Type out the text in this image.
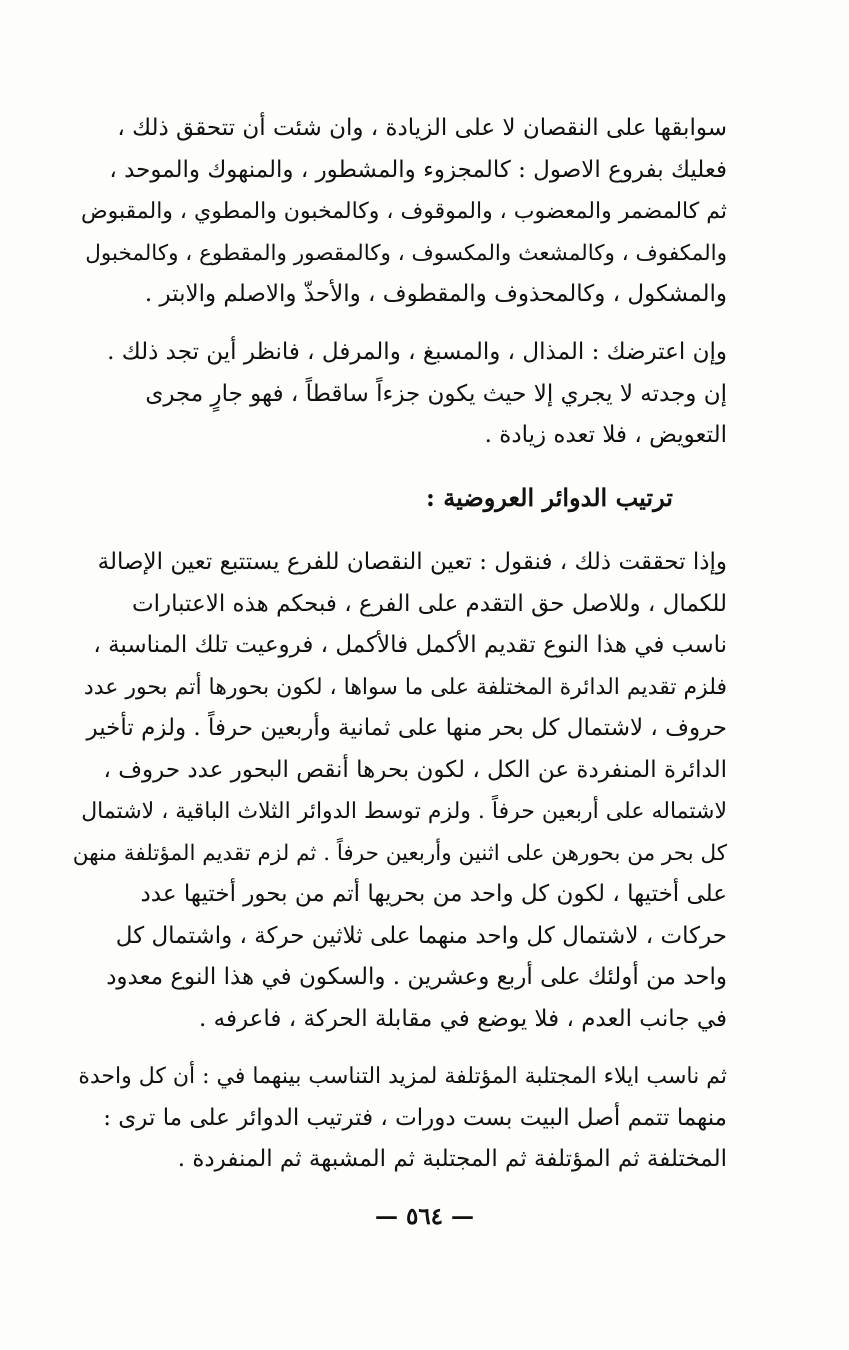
سوابقها على النقصان لا على الزيادة ، وان شئت أن تتحقق ذلك ،
فعليك بفروع الاصول : كالمجزوء والمشطور ، والمنهوك والموحد ،
ثم كالمضمر والمعضوب ، والموقوف ، وكالمخبون والمطوي ، والمقبوض
والمكفوف ، وكالمشعث والمكسوف ، وكالمقصور والمقطوع ، وكالمخبول
والمشكول ، وكالمحذوف والمقطوف ، والأحذّ والاصلم والابتر .
وإن اعترضك : المذال ، والمسبغ ، والمرفل ، فانظر أين تجد ذلك .
إن وجدته لا يجري إلا حيث يكون جزءاً ساقطاً ، فهو جارٍ مجرى
التعويض ، فلا تعده زيادة .
ترتيب الدوائر العروضية :
وإذا تحققت ذلك ، فنقول : تعين النقصان للفرع يستتبع تعين الإصالة
للكمال ، وللاصل حق التقدم على الفرع ، فبحكم هذه الاعتبارات
ناسب في هذا النوع تقديم الأكمل فالأكمل ، فروعيت تلك المناسبة ،
فلزم تقديم الدائرة المختلفة على ما سواها ، لكون بحورها أتم بحور عدد
حروف ، لاشتمال كل بحر منها على ثمانية وأربعين حرفاً . ولزم تأخير
الدائرة المنفردة عن الكل ، لكون بحرها أنقص البحور عدد حروف ،
لاشتماله على أربعين حرفاً . ولزم توسط الدوائر الثلاث الباقية ، لاشتمال
كل بحر من بحورهن على اثنين وأربعين حرفاً . ثم لزم تقديم المؤتلفة منهن
على أختيها ، لكون كل واحد من بحريها أتم من بحور أختيها عدد
حركات ، لاشتمال كل واحد منهما على ثلاثين حركة ، واشتمال كل
واحد من أولئك على أربع وعشرين . والسكون في هذا النوع معدود
في جانب العدم ، فلا يوضع في مقابلة الحركة ، فاعرفه .
ثم ناسب ايلاء المجتلبة المؤتلفة لمزيد التناسب بينهما في : أن كل واحدة
منهما تتمم أصل البيت بست دورات ، فترتيب الدوائر على ما ترى :
المختلفة ثم المؤتلفة ثم المجتلبة ثم المشبهة ثم المنفردة .
— ٥٦٤ —
